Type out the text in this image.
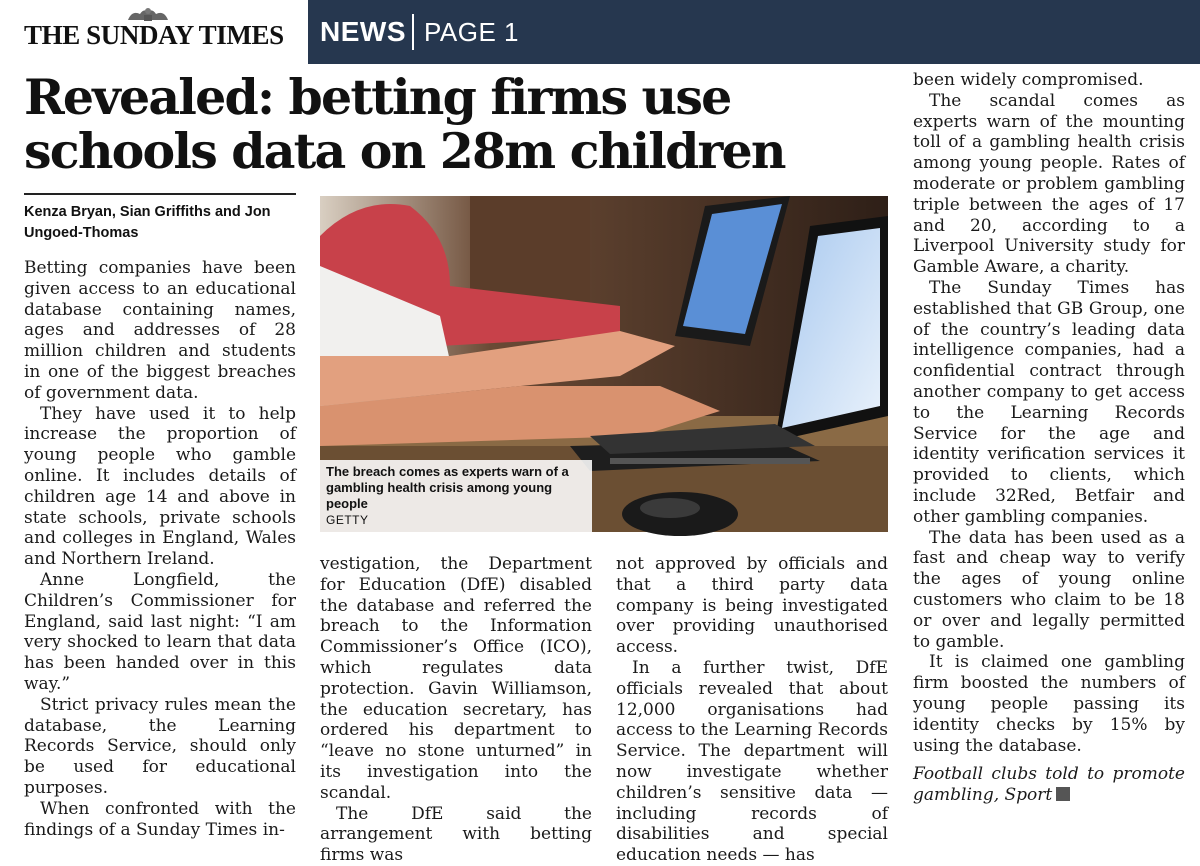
THE SUNDAY TIMES	NEWS PAGE 1
Revealed: betting firms use schools data on 28m children
Kenza Bryan, Sian Griffiths and Jon Ungoed-Thomas

Betting companies have been given access to an educational database containing names, ages and addresses of 28 million children and students in one of the biggest breaches of government data.

They have used it to help increase the proportion of young people who gamble online. It includes details of children age 14 and above in state schools, private schools and colleges in England, Wales and Northern Ireland.

Anne Longfield, the Children’s Commissioner for England, said last night: “I am very shocked to learn that data has been handed over in this way.”

Strict privacy rules mean the database, the Learning Records Service, should only be used for educational purposes.

When confronted with the findings of a Sunday Times in-

The breach comes as experts warn of a gambling health crisis among young people
GETTY

vestigation, the Department for Education (DfE) disabled the database and referred the breach to the Information Commissioner’s Office (ICO), which regulates data protection. Gavin Williamson, the education secretary, has ordered his department to “leave no stone unturned” in its investigation into the scandal.

The DfE said the arrangement with betting firms was

not approved by officials and that a third party data company is being investigated over providing unauthorised access.

In a further twist, DfE officials revealed that about 12,000 organisations had access to the Learning Records Service. The department will now investigate whether children’s sensitive data — including records of disabilities and special education needs — has

been widely compromised.

The scandal comes as experts warn of the mounting toll of a gambling health crisis among young people. Rates of moderate or problem gambling triple between the ages of 17 and 20, according to a Liverpool University study for Gamble Aware, a charity.

The Sunday Times has established that GB Group, one of the country’s leading data intelligence companies, had a confidential contract through another company to get access to the Learning Records Service for the age and identity verification services it provided to clients, which include 32Red, Betfair and other gambling companies.

The data has been used as a fast and cheap way to verify the ages of young online customers who claim to be 18 or over and legally permitted to gamble.

It is claimed one gambling firm boosted the numbers of young people passing its identity checks by 15% by using the database.

Football clubs told to promote gambling, Sport
